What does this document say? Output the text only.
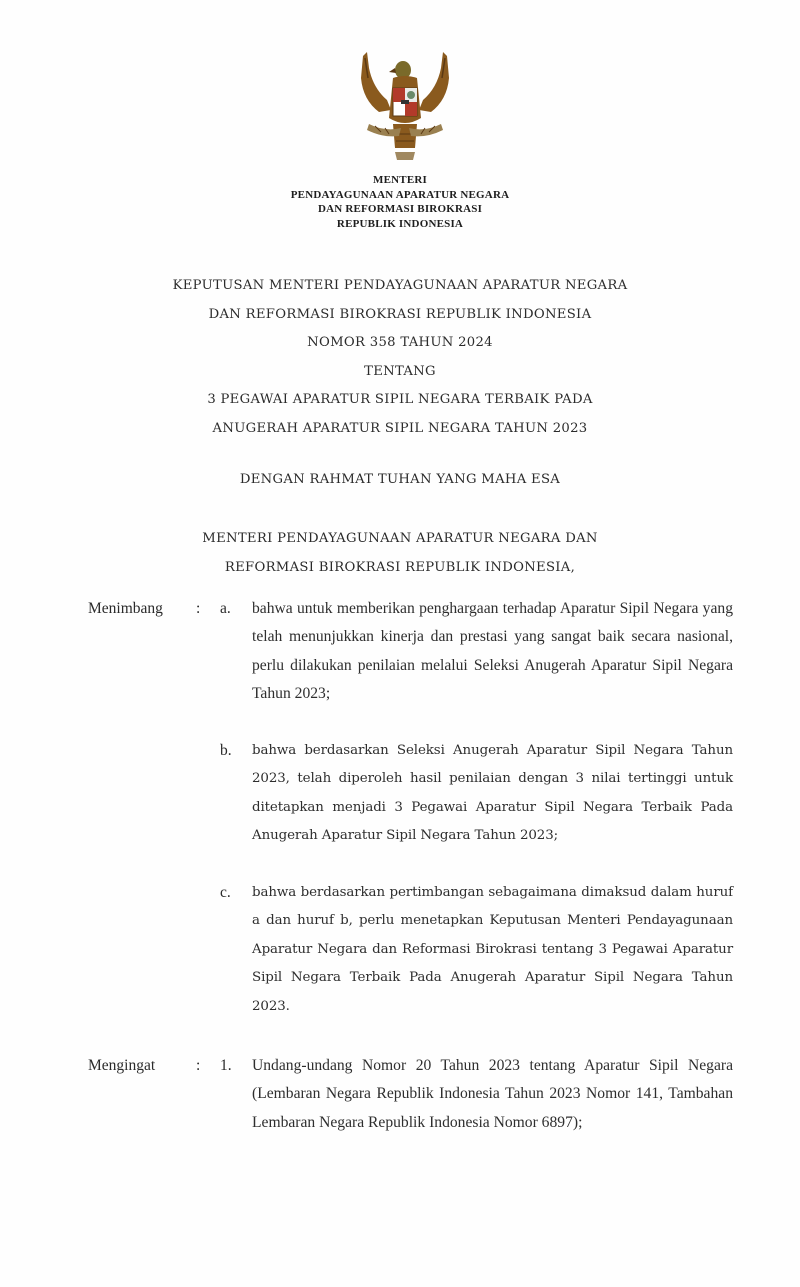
MENTERI
PENDAYAGUNAAN APARATUR NEGARA
DAN REFORMASI BIROKRASI
REPUBLIK INDONESIA
KEPUTUSAN MENTERI PENDAYAGUNAAN APARATUR NEGARA
DAN REFORMASI BIROKRASI REPUBLIK INDONESIA
NOMOR 358 TAHUN 2024
TENTANG
3 PEGAWAI APARATUR SIPIL NEGARA TERBAIK PADA
ANUGERAH APARATUR SIPIL NEGARA TAHUN 2023
DENGAN RAHMAT TUHAN YANG MAHA ESA
MENTERI PENDAYAGUNAAN APARATUR NEGARA DAN
REFORMASI BIROKRASI REPUBLIK INDONESIA,
Menimbang : a. bahwa untuk memberikan penghargaan terhadap Aparatur Sipil Negara yang telah menunjukkan kinerja dan prestasi yang sangat baik secara nasional, perlu dilakukan penilaian melalui Seleksi Anugerah Aparatur Sipil Negara Tahun 2023;
b. bahwa berdasarkan Seleksi Anugerah Aparatur Sipil Negara Tahun 2023, telah diperoleh hasil penilaian dengan 3 nilai tertinggi untuk ditetapkan menjadi 3 Pegawai Aparatur Sipil Negara Terbaik Pada Anugerah Aparatur Sipil Negara Tahun 2023;
c. bahwa berdasarkan pertimbangan sebagaimana dimaksud dalam huruf a dan huruf b, perlu menetapkan Keputusan Menteri Pendayagunaan Aparatur Negara dan Reformasi Birokrasi tentang 3 Pegawai Aparatur Sipil Negara Terbaik Pada Anugerah Aparatur Sipil Negara Tahun 2023.
Mengingat	: 1. Undang-undang Nomor 20 Tahun 2023 tentang Aparatur Sipil Negara (Lembaran Negara Republik Indonesia Tahun 2023 Nomor 141, Tambahan Lembaran Negara Republik Indonesia Nomor 6897);
